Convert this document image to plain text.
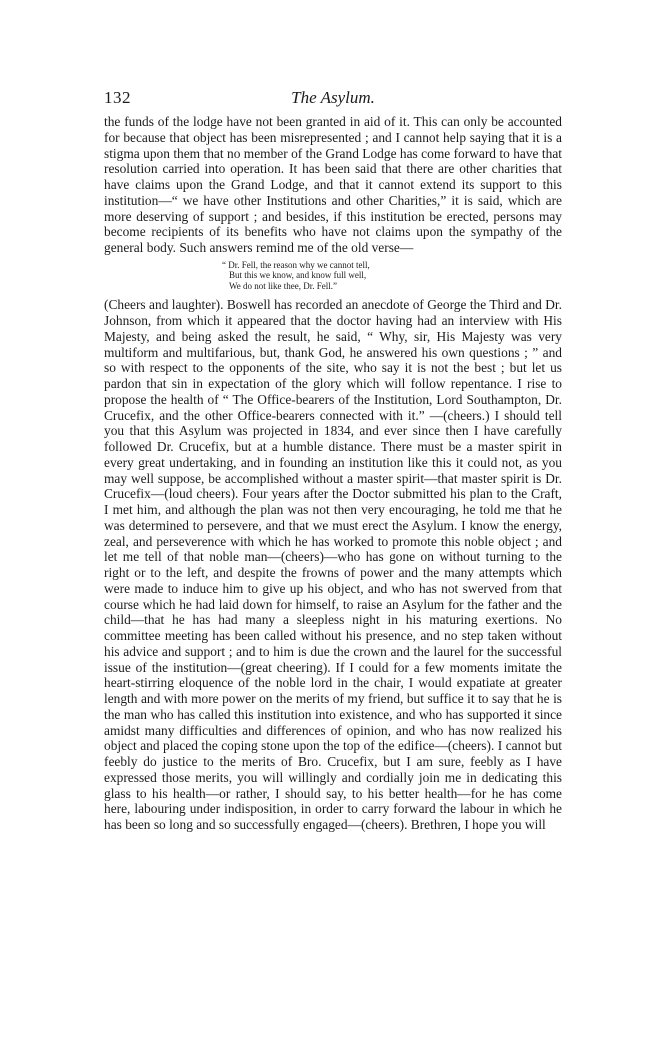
132	The Asylum.

the funds of the lodge have not been granted in aid of it. This can only be accounted for because that object has been misrepresented ; and I cannot help saying that it is a stigma upon them that no member of the Grand Lodge has come forward to have that resolution carried into operation. It has been said that there are other charities that have claims upon the Grand Lodge, and that it cannot extend its support to this institution—“ we have other Institutions and other Charities,” it is said, which are more deserving of support ; and besides, if this institution be erected, persons may become recipients of its benefits who have not claims upon the sympathy of the general body. Such answers remind me of the old verse—

“ Dr. Fell, the reason why we cannot tell,
But this we know, and know full well,
We do not like thee, Dr. Fell.”

(Cheers and laughter). Boswell has recorded an anecdote of George the Third and Dr. Johnson, from which it appeared that the doctor having had an interview with His Majesty, and being asked the result, he said, “ Why, sir, His Majesty was very multiform and multifarious, but, thank God, he answered his own questions ; ” and so with respect to the opponents of the site, who say it is not the best ; but let us pardon that sin in expectation of the glory which will follow repentance. I rise to propose the health of “ The Office-bearers of the Institution, Lord Southampton, Dr. Crucefix, and the other Office-bearers connected with it.” —(cheers.) I should tell you that this Asylum was projected in 1834, and ever since then I have carefully followed Dr. Crucefix, but at a humble distance. There must be a master spirit in every great undertaking, and in founding an institution like this it could not, as you may well suppose, be accomplished without a master spirit—that master spirit is Dr. Crucefix—(loud cheers). Four years after the Doctor submitted his plan to the Craft, I met him, and although the plan was not then very encouraging, he told me that he was determined to persevere, and that we must erect the Asylum. I know the energy, zeal, and perseverence with which he has worked to promote this noble object ; and let me tell of that noble man—(cheers)—who has gone on without turning to the right or to the left, and despite the frowns of power and the many attempts which were made to induce him to give up his object, and who has not swerved from that course which he had laid down for himself, to raise an Asylum for the father and the child—that he has had many a sleepless night in his maturing exertions. No committee meeting has been called without his presence, and no step taken without his advice and support ; and to him is due the crown and the laurel for the successful issue of the institution—(great cheering). If I could for a few moments imitate the heart-stirring eloquence of the noble lord in the chair, I would expatiate at greater length and with more power on the merits of my friend, but suffice it to say that he is the man who has called this institution into existence, and who has supported it since amidst many difficulties and differences of opinion, and who has now realized his object and placed the coping stone upon the top of the edifice—(cheers). I cannot but feebly do justice to the merits of Bro. Crucefix, but I am sure, feebly as I have expressed those merits, you will willingly and cordially join me in dedicating this glass to his health—or rather, I should say, to his better health—for he has come here, labouring under indisposition, in order to carry forward the labour in which he has been so long and so successfully engaged—(cheers). Brethren, I hope you will
